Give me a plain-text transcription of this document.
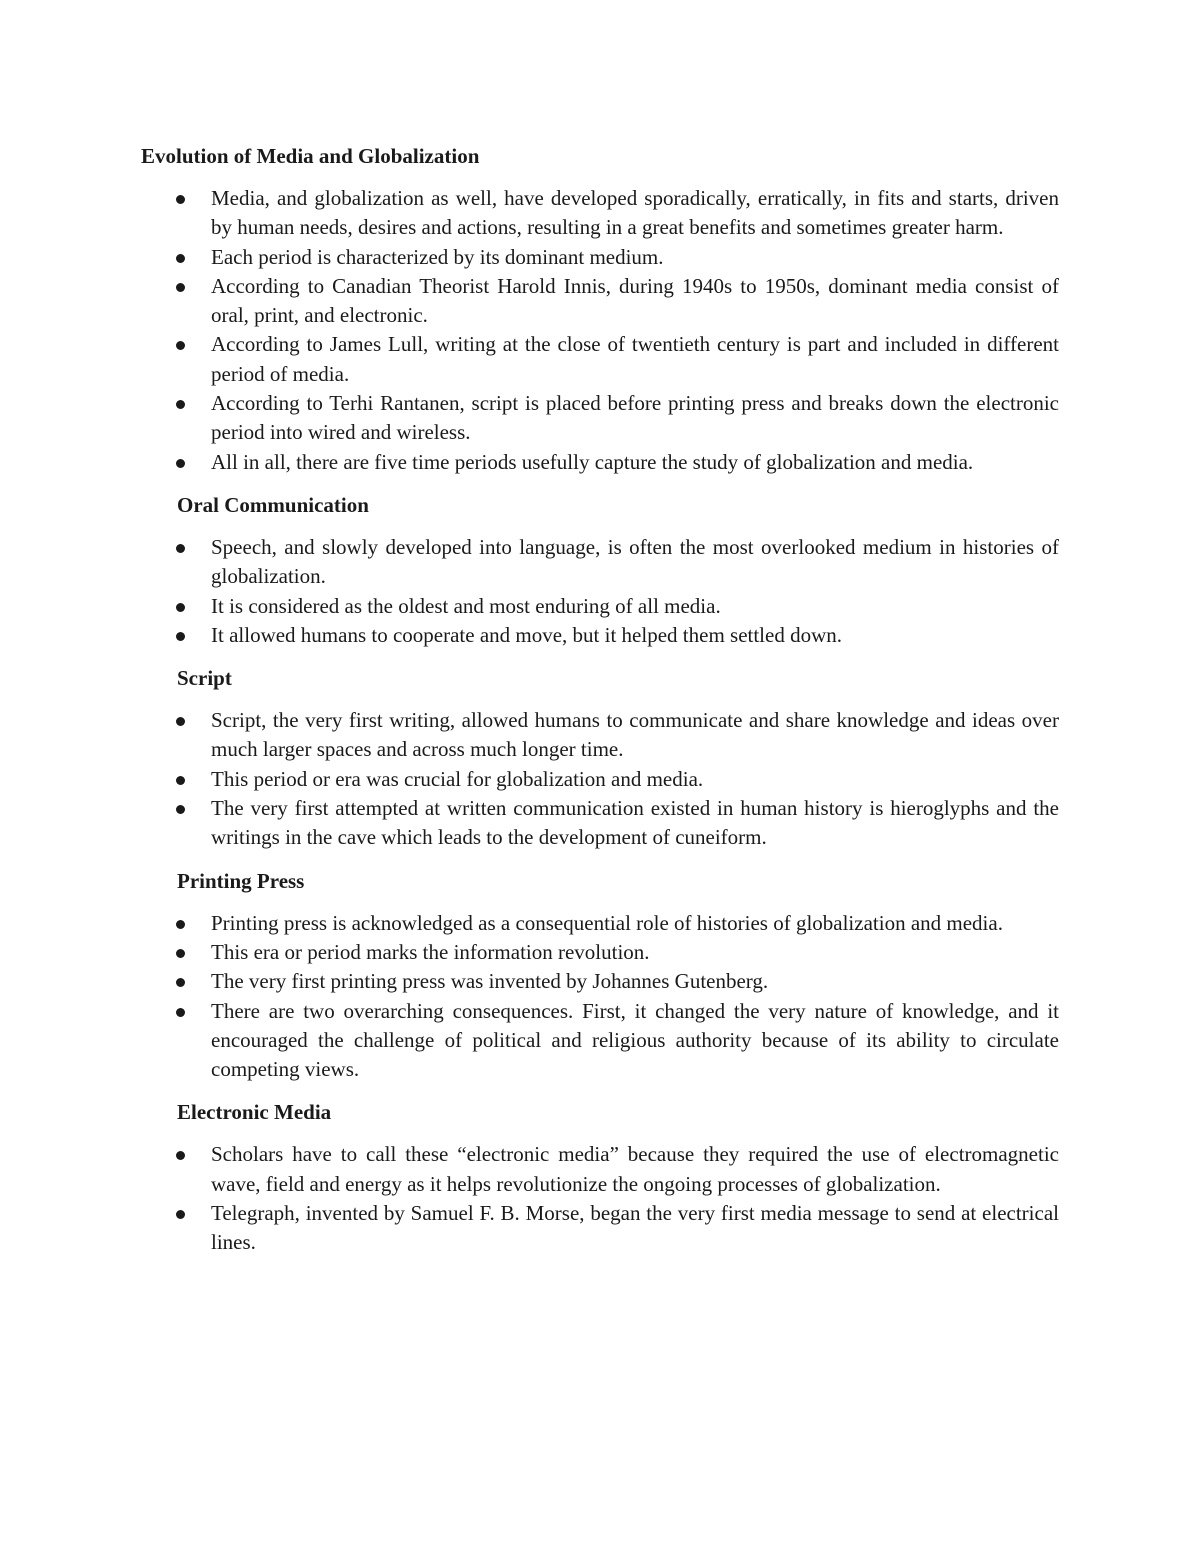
Evolution of Media and Globalization
Media, and globalization as well, have developed sporadically, erratically, in fits and starts, driven by human needs, desires and actions, resulting in a great benefits and sometimes greater harm.
Each period is characterized by its dominant medium.
According to Canadian Theorist Harold Innis, during 1940s to 1950s, dominant media consist of oral, print, and electronic.
According to James Lull, writing at the close of twentieth century is part and included in different period of media.
According to Terhi Rantanen, script is placed before printing press and breaks down the electronic period into wired and wireless.
All in all, there are five time periods usefully capture the study of globalization and media.
Oral Communication
Speech, and slowly developed into language, is often the most overlooked medium in histories of globalization.
It is considered as the oldest and most enduring of all media.
It allowed humans to cooperate and move, but it helped them settled down.
Script
Script, the very first writing, allowed humans to communicate and share knowledge and ideas over much larger spaces and across much longer time.
This period or era was crucial for globalization and media.
The very first attempted at written communication existed in human history is hieroglyphs and the writings in the cave which leads to the development of cuneiform.
Printing Press
Printing press is acknowledged as a consequential role of histories of globalization and media.
This era or period marks the information revolution.
The very first printing press was invented by Johannes Gutenberg.
There are two overarching consequences. First, it changed the very nature of knowledge, and it encouraged the challenge of political and religious authority because of its ability to circulate competing views.
Electronic Media
Scholars have to call these “electronic media” because they required the use of electromagnetic wave, field and energy as it helps revolutionize the ongoing processes of globalization.
Telegraph, invented by Samuel F. B. Morse, began the very first media message to send at electrical lines.
